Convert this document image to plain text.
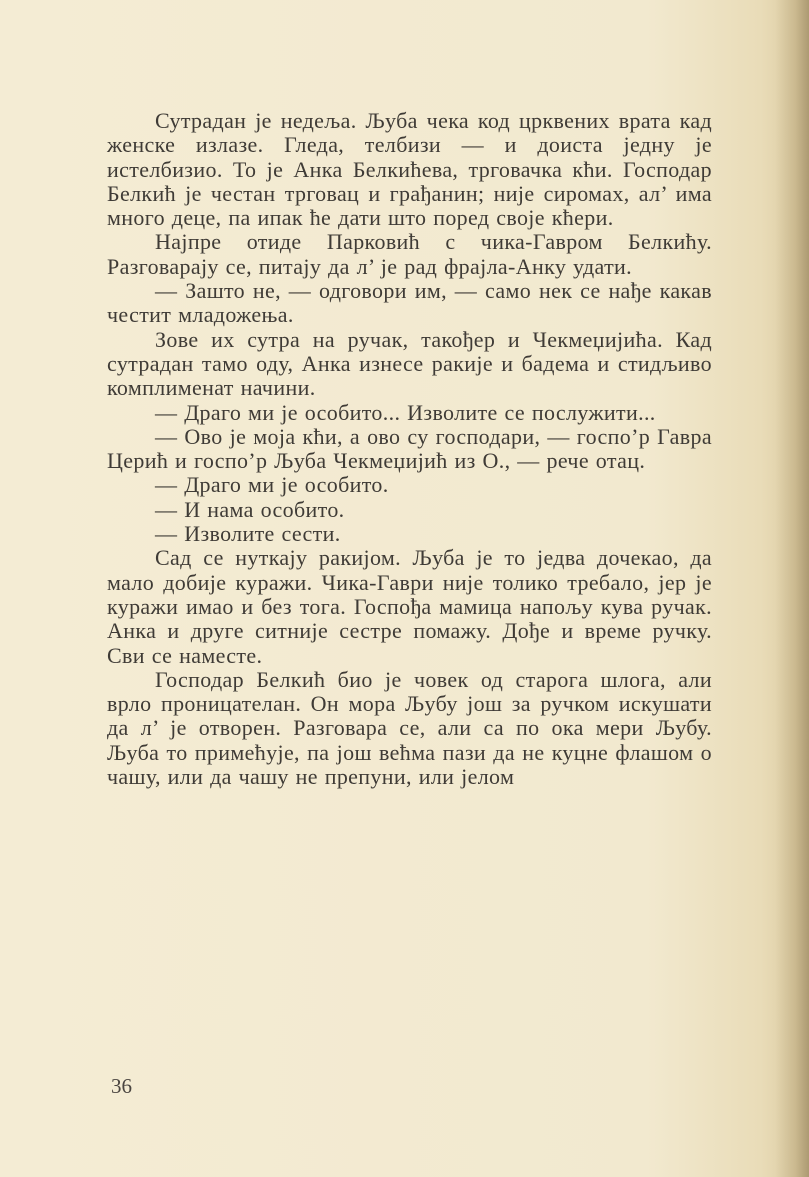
Сутрадан је недеља. Љуба чека код црквених врата кад женске излазе. Гледа, телбизи — и доиста једну је истелбизио. То је Анка Белкићева, трговачка кћи. Господар Белкић је честан трговац и грађанин; није сиромах, ал’ има много деце, па ипак ће дати што поред своје кћери.

Најпре отиде Парковић с чика-Гавром Белкићу. Разговарају се, питају да л’ је рад фрајла-Анку удати.

— Зашто не, — одговори им, — само нек се нађе какав честит младожења.

Зове их сутра на ручак, такођер и Чекмеџијића. Кад сутрадан тамо оду, Анка изнесе ракије и бадема и стидљиво комплименат начини.

— Драго ми је особито... Изволите се послужити...

— Ово је моја кћи, а ово су господари, — госпо’р Гавра Церић и госпо’р Љуба Чекмеџијић из О., — рече отац.

— Драго ми је особито.

— И нама особито.

— Изволите сести.

Сад се нуткају ракијом. Љуба је то једва дочекао, да мало добије куражи. Чика-Гаври није толико требало, јер је куражи имао и без тога. Госпођа мамица напољу кува ручак. Анка и друге ситније сестре помажу. Дође и време ручку. Сви се наместе.

Господар Белкић био је човек од старога шлога, али врло проницателан. Он мора Љубу још за ручком искушати да л’ је отворен. Разговара се, али са по ока мери Љубу. Љуба то примећује, па још већма пази да не куцне флашом о чашу, или да чашу не препуни, или јелом

36
